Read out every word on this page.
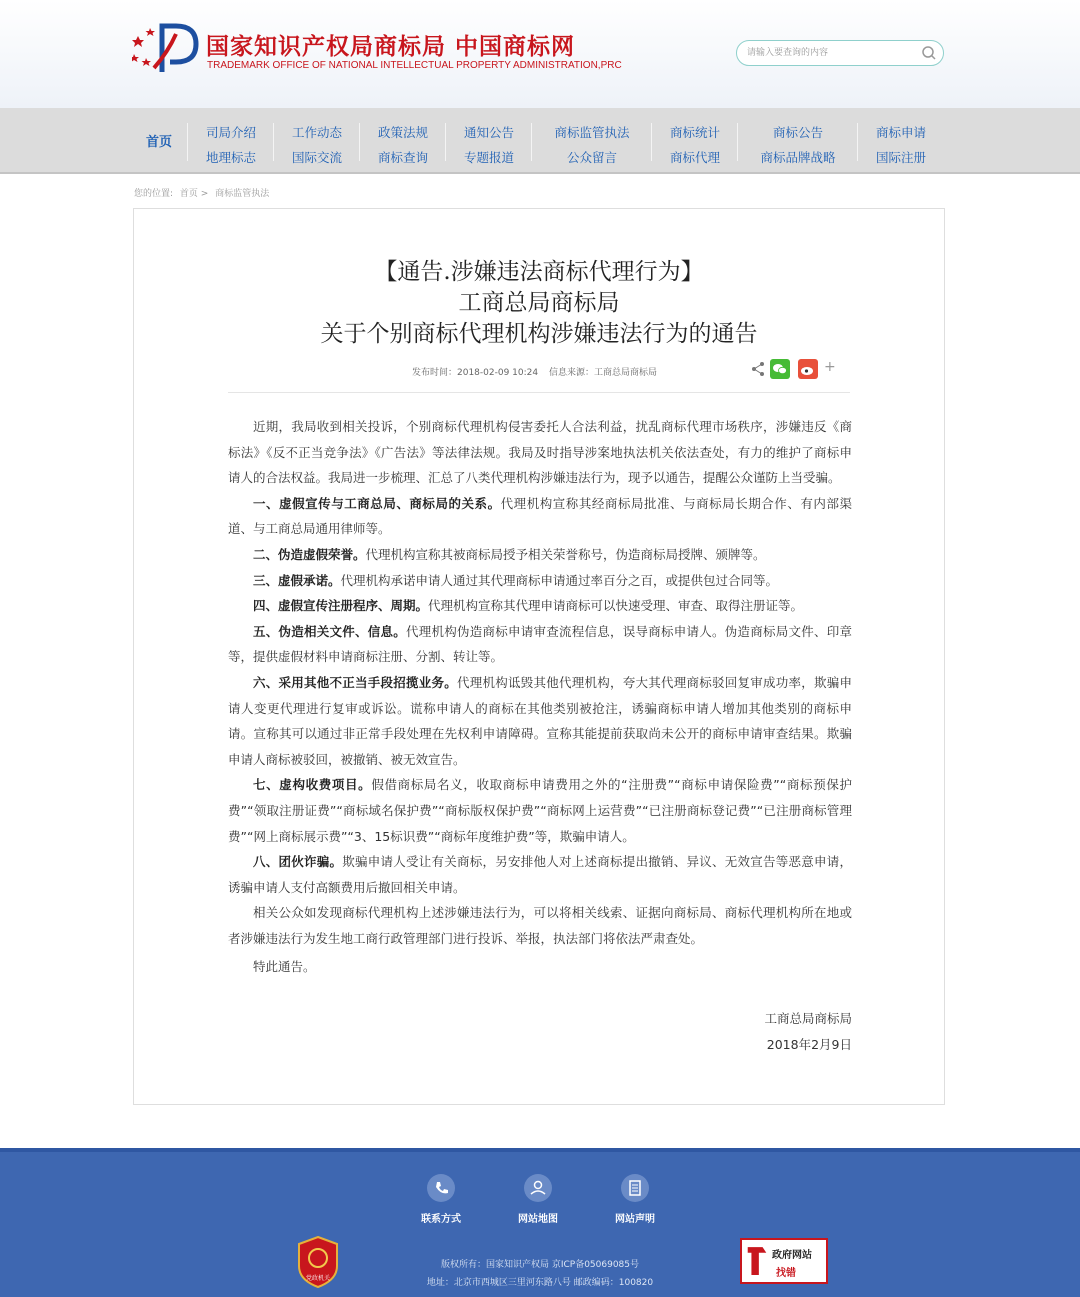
国家知识产权局商标局 中国商标网
TRADEMARK OFFICE OF NATIONAL INTELLECTUAL PROPERTY ADMINISTRATION,PRC
请输入要查询的内容
首页
司局介绍
地理标志
工作动态
国际交流
政策法规
商标查询
通知公告
专题报道
商标监管执法
公众留言
商标统计
商标代理
商标公告
商标品牌战略
商标申请
国际注册
您的位置: 首页 > 商标监管执法
【通告.涉嫌违法商标代理行为】
工商总局商标局
关于个别商标代理机构涉嫌违法行为的通告
发布时间：2018-02-09 10:24 信息来源：工商总局商标局	+

近期，我局收到相关投诉，个别商标代理机构侵害委托人合法利益，扰乱商标代理市场秩序，涉嫌违反《商标法》《反不正当竞争法》《广告法》等法律法规。我局及时指导涉案地执法机关依法查处，有力的维护了商标申请人的合法权益。我局进一步梳理、汇总了八类代理机构涉嫌违法行为，现予以通告，提醒公众谨防上当受骗。

一、虚假宣传与工商总局、商标局的关系。代理机构宣称其经商标局批准、与商标局长期合作、有内部渠道、与工商总局通用律师等。

二、伪造虚假荣誉。代理机构宣称其被商标局授予相关荣誉称号，伪造商标局授牌、颁牌等。

三、虚假承诺。代理机构承诺申请人通过其代理商标申请通过率百分之百，或提供包过合同等。

四、虚假宣传注册程序、周期。代理机构宣称其代理申请商标可以快速受理、审查、取得注册证等。

五、伪造相关文件、信息。代理机构伪造商标申请审查流程信息，误导商标申请人。伪造商标局文件、印章等，提供虚假材料申请商标注册、分割、转让等。

六、采用其他不正当手段招揽业务。代理机构诋毁其他代理机构，夸大其代理商标驳回复审成功率，欺骗申请人变更代理进行复审或诉讼。谎称申请人的商标在其他类别被抢注，诱骗商标申请人增加其他类别的商标申请。宣称其可以通过非正常手段处理在先权利申请障碍。宣称其能提前获取尚未公开的商标申请审查结果。欺骗申请人商标被驳回，被撤销、被无效宣告。

七、虚构收费项目。假借商标局名义，收取商标申请费用之外的“注册费”“商标申请保险费”“商标预保护费”“领取注册证费”“商标域名保护费”“商标版权保护费”“商标网上运营费”“已注册商标登记费”“已注册商标管理费”“网上商标展示费”“3、15标识费”“商标年度维护费”等，欺骗申请人。

八、团伙诈骗。欺骗申请人受让有关商标，另安排他人对上述商标提出撤销、异议、无效宣告等恶意申请，诱骗申请人支付高额费用后撤回相关申请。

相关公众如发现商标代理机构上述涉嫌违法行为，可以将相关线索、证据向商标局、商标代理机构所在地或者涉嫌违法行为发生地工商行政管理部门进行投诉、举报，执法部门将依法严肃查处。

特此通告。

工商总局商标局
2018年2月9日
联系方式	网站地图	网站声明
党政机关
版权所有：国家知识产权局 京ICP备05069085号
地址：北京市西城区三里河东路八号 邮政编码：100820
政府网站
找错
